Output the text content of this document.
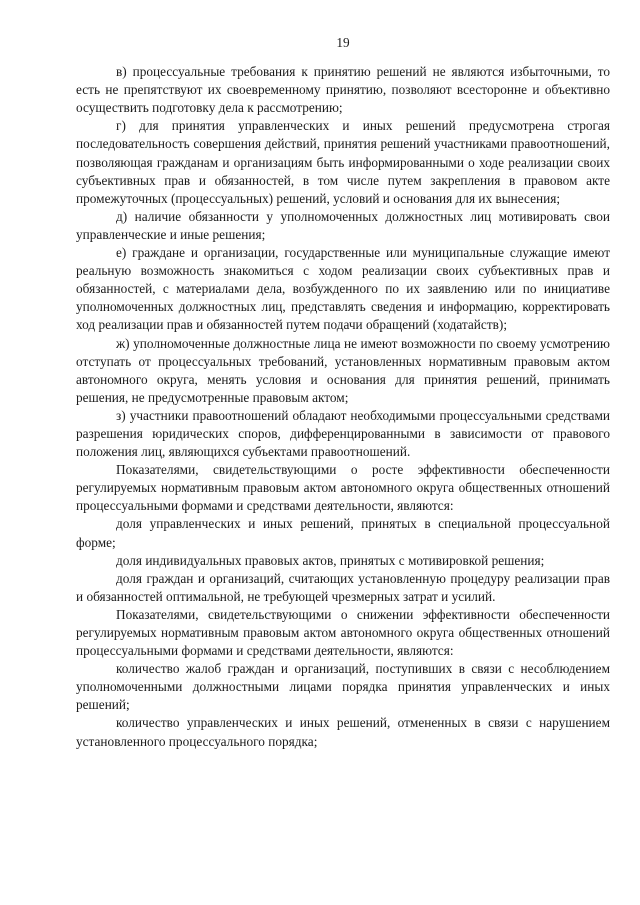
19

в) процессуальные требования к принятию решений не являются избыточными, то есть не препятствуют их своевременному принятию, позволяют всесторонне и объективно осуществить подготовку дела к рассмотрению;

г) для принятия управленческих и иных решений предусмотрена строгая последовательность совершения действий, принятия решений участниками правоотношений, позволяющая гражданам и организациям быть информированными о ходе реализации своих субъективных прав и обязанностей, в том числе путем закрепления в правовом акте промежуточных (процессуальных) решений, условий и основания для их вынесения;

д) наличие обязанности у уполномоченных должностных лиц мотивировать свои управленческие и иные решения;

е) граждане и организации, государственные или муниципальные служащие имеют реальную возможность знакомиться с ходом реализации своих субъективных прав и обязанностей, с материалами дела, возбужденного по их заявлению или по инициативе уполномоченных должностных лиц, представлять сведения и информацию, корректировать ход реализации прав и обязанностей путем подачи обращений (ходатайств);

ж) уполномоченные должностные лица не имеют возможности по своему усмотрению отступать от процессуальных требований, установленных нормативным правовым актом автономного округа, менять условия и основания для принятия решений, принимать решения, не предусмотренные правовым актом;

з) участники правоотношений обладают необходимыми процессуальными средствами разрешения юридических споров, дифференцированными в зависимости от правового положения лиц, являющихся субъектами правоотношений.

Показателями, свидетельствующими о росте эффективности обеспеченности регулируемых нормативным правовым актом автономного округа общественных отношений процессуальными формами и средствами деятельности, являются:

доля управленческих и иных решений, принятых в специальной процессуальной форме;

доля индивидуальных правовых актов, принятых с мотивировкой решения;

доля граждан и организаций, считающих установленную процедуру реализации прав и обязанностей оптимальной, не требующей чрезмерных затрат и усилий.

Показателями, свидетельствующими о снижении эффективности обеспеченности регулируемых нормативным правовым актом автономного округа общественных отношений процессуальными формами и средствами деятельности, являются:

количество жалоб граждан и организаций, поступивших в связи с несоблюдением уполномоченными должностными лицами порядка принятия управленческих и иных решений;

количество управленческих и иных решений, отмененных в связи с нарушением установленного процессуального порядка;
